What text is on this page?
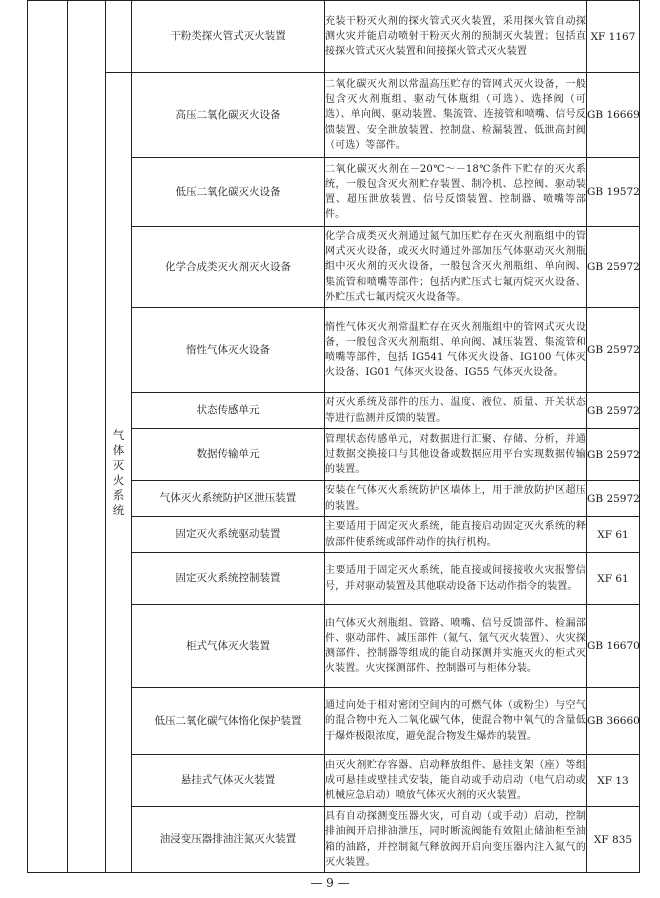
			干粉类探火管式灭火装置	充装干粉灭火剂的探火管式灭火装置，采用探火管自动探测火灾并能启动喷射干粉灭火剂的预制灭火装置；包括直接探火管式灭火装置和间接探火管式灭火装置	XF 1167
		气体灭火系统	高压二氧化碳灭火设备	二氧化碳灭火剂以常温高压贮存的管网式灭火设备，一般包含灭火剂瓶组、驱动气体瓶组（可选）、选择阀（可选）、单向阀、驱动装置、集流管、连接管和喷嘴、信号反馈装置、安全泄放装置、控制盘、检漏装置、低泄高封阀（可选）等部件。	GB 16669
			低压二氧化碳灭火设备	二氧化碳灭火剂在－20℃～－18℃条件下贮存的灭火系统，一般包含灭火剂贮存装置、制冷机、总控阀、驱动装置、超压泄放装置、信号反馈装置、控制器、喷嘴等部件。	GB 19572
			化学合成类灭火剂灭火设备	化学合成类灭火剂通过氮气加压贮存在灭火剂瓶组中的管网式灭火设备，或灭火时通过外部加压气体驱动灭火剂瓶组中灭火剂的灭火设备，一般包含灭火剂瓶组、单向阀、集流管和喷嘴等部件；包括内贮压式七氟丙烷灭火设备、外贮压式七氟丙烷灭火设备等。	GB 25972
			惰性气体灭火设备	惰性气体灭火剂常温贮存在灭火剂瓶组中的管网式灭火设备，一般包含灭火剂瓶组、单向阀、减压装置、集流管和喷嘴等部件，包括 IG541 气体灭火设备、IG100 气体灭火设备、IG01 气体灭火设备、IG55 气体灭火设备。	GB 25972
			状态传感单元	对灭火系统及部件的压力、温度、液位、质量、开关状态等进行监测并反馈的装置。	GB 25972
			数据传输单元	管理状态传感单元，对数据进行汇聚、存储、分析，并通过数据交换接口与其他设备或数据应用平台实现数据传输的装置。	GB 25972
			气体灭火系统防护区泄压装置	安装在气体灭火系统防护区墙体上，用于泄放防护区超压的装置。	GB 25972
			固定灭火系统驱动装置	主要适用于固定灭火系统，能直接启动固定灭火系统的释放部件使系统或部件动作的执行机构。	XF 61
			固定灭火系统控制装置	主要适用于固定灭火系统，能直接或间接接收火灾报警信号，并对驱动装置及其他联动设备下达动作指令的装置。	XF 61
			柜式气体灭火装置	由气体灭火剂瓶组、管路、喷嘴、信号反馈部件、检漏部件、驱动部件、减压部件（氮气、氩气灭火装置）、火灾探测部件、控制器等组成的能自动探测并实施灭火的柜式灭火装置。火灾探测部件、控制器可与柜体分装。	GB 16670
			低压二氧化碳气体惰化保护装置	通过向处于相对密闭空间内的可燃气体（或粉尘）与空气的混合物中充入二氧化碳气体，使混合物中氧气的含量低于爆炸极限浓度，避免混合物发生爆炸的装置。	GB 36660
			悬挂式气体灭火装置	由灭火剂贮存容器、启动释放组件、悬挂支架（座）等组成可悬挂或壁挂式安装，能自动或手动启动（电气启动或机械应急启动）喷放气体灭火剂的灭火装置。	XF 13
			油浸变压器排油注氮灭火装置	具有自动探测变压器火灾，可自动（或手动）启动，控制排油阀开启排油泄压，同时断流阀能有效阻止储油柜至油箱的油路，并控制氮气释放阀开启向变压器内注入氮气的灭火装置。	XF 835
— 9 —
